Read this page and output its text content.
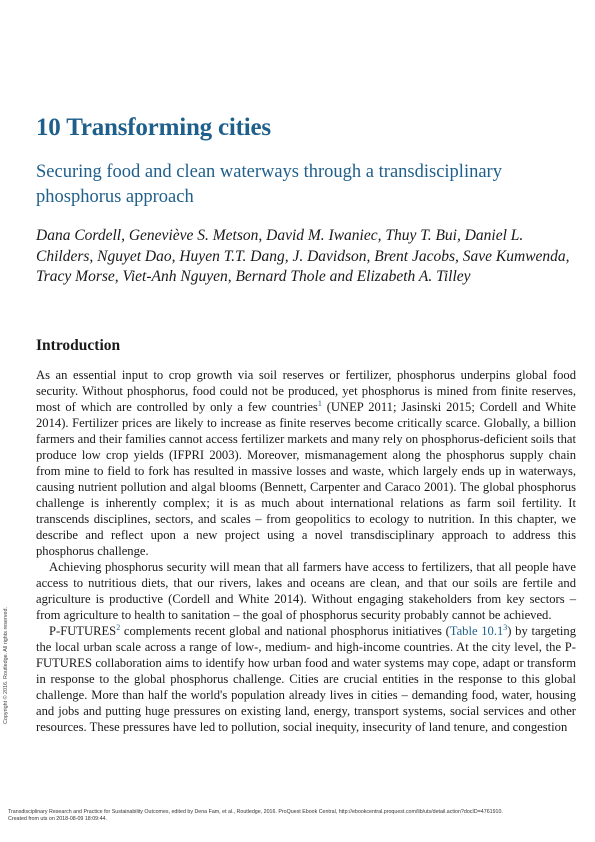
10 Transforming cities
Securing food and clean waterways through a transdisciplinary phosphorus approach

Dana Cordell, Geneviève S. Metson, David M. Iwaniec, Thuy T. Bui, Daniel L. Childers, Nguyet Dao, Huyen T.T. Dang, J. Davidson, Brent Jacobs, Save Kumwenda, Tracy Morse, Viet-Anh Nguyen, Bernard Thole and Elizabeth A. Tilley

Introduction

As an essential input to crop growth via soil reserves or fertilizer, phosphorus underpins global food security. Without phosphorus, food could not be produced, yet phosphorus is mined from finite reserves, most of which are controlled by only a few countries$^1$ (UNEP 2011; Jasinski 2015; Cordell and White 2014). Fertilizer prices are likely to increase as finite reserves become critically scarce. Globally, a billion farmers and their families cannot access fertilizer markets and many rely on phosphorus-deficient soils that produce low crop yields (IFPRI 2003). Moreover, mismanagement along the phosphorus supply chain from mine to field to fork has resulted in massive losses and waste, which largely ends up in waterways, causing nutrient pollution and algal blooms (Bennett, Carpenter and Caraco 2001). The global phosphorus challenge is inherently complex; it is as much about international relations as farm soil fertility. It transcends disciplines, sectors, and scales – from geopolitics to ecology to nutrition. In this chapter, we describe and reflect upon a new project using a novel transdisciplinary approach to address this phosphorus challenge.

Achieving phosphorus security will mean that all farmers have access to fertilizers, that all people have access to nutritious diets, that our rivers, lakes and oceans are clean, and that our soils are fertile and agriculture is productive (Cordell and White 2014). Without engaging stakeholders from key sectors – from agriculture to health to sanitation – the goal of phosphorus security probably cannot be achieved.

P-FUTURES$^2$ complements recent global and national phosphorus initiatives (Table 10.1$^3$) by targeting the local urban scale across a range of low-, medium- and high-income countries. At the city level, the P-FUTURES collaboration aims to identify how urban food and water systems may cope, adapt or transform in response to the global phosphorus challenge. Cities are crucial entities in the response to this global challenge. More than half the world's population already lives in cities – demanding food, water, housing and jobs and putting huge pressures on existing land, energy, transport systems, social services and other resources. These pressures have led to pollution, social inequity, insecurity of land tenure, and congestion

Copyright © 2016. Routledge. All rights reserved.
Transdisciplinary Research and Practice for Sustainability Outcomes, edited by Dena Fam, et al., Routledge, 2016. ProQuest Ebook Central, http://ebookcentral.proquest.com/lib/uts/detail.action?docID=4761910.
Created from uts on 2018-08-09 18:09:44.
